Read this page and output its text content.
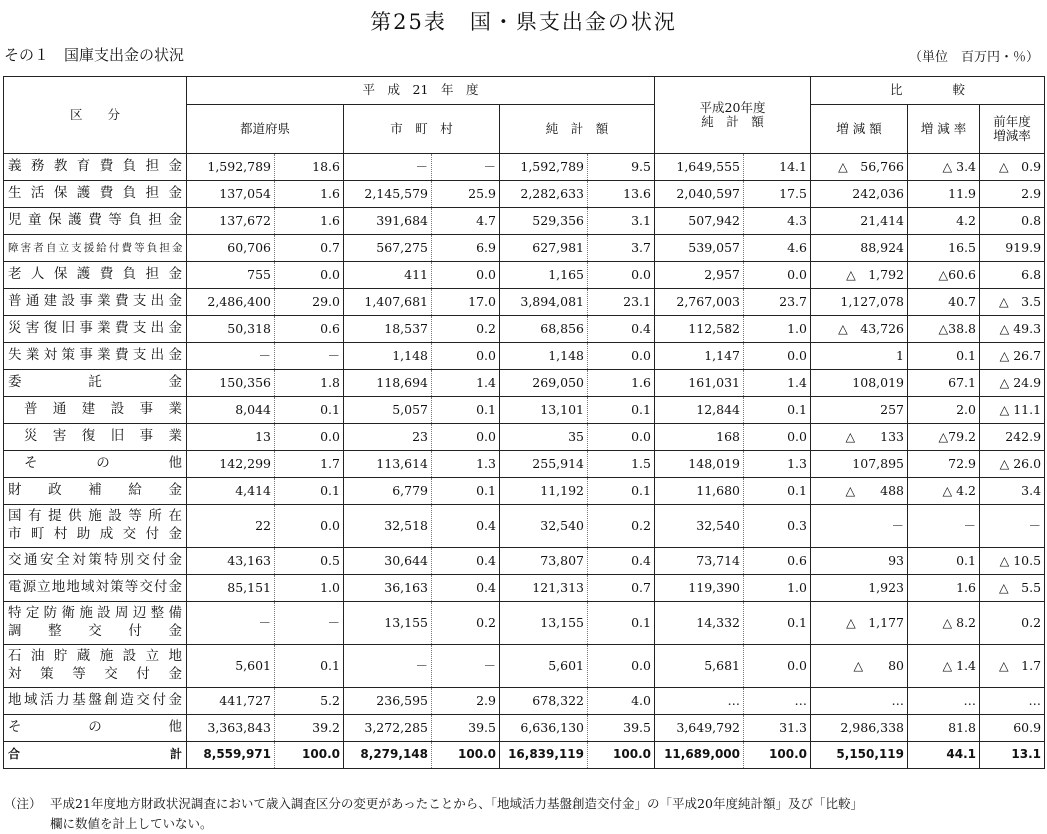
第25表　国・県支出金の状況
その１　国庫支出金の状況	（単位　百万円・％）
区　　分	平　成　21　年　度						平成20年度
純　計　額		比　　　　較		
	都道府県		市　町　村		純　計　額				増 減 額	増 減 率	前年度
増減率

義務教育費負担金	1,592,789	18.6	－	－	1,592,789	9.5	1,649,555	14.1	△　56,766	△ 3.4	△　0.9
生活保護費負担金	137,054	1.6	2,145,579	25.9	2,282,633	13.6	2,040,597	17.5	242,036	11.9	2.9
児童保護費等負担金	137,672	1.6	391,684	4.7	529,356	3.1	507,942	4.3	21,414	4.2	0.8
障害者自立支援給付費等負担金	60,706	0.7	567,275	6.9	627,981	3.7	539,057	4.6	88,924	16.5	919.9
老人保護費負担金	755	0.0	411	0.0	1,165	0.0	2,957	0.0	△　1,792	△60.6	6.8
普通建設事業費支出金	2,486,400	29.0	1,407,681	17.0	3,894,081	23.1	2,767,003	23.7	1,127,078	40.7	△　3.5
災害復旧事業費支出金	50,318	0.6	18,537	0.2	68,856	0.4	112,582	1.0	△　43,726	△38.8	△ 49.3
失業対策事業費支出金	－	－	1,148	0.0	1,148	0.0	1,147	0.0	1	0.1	△ 26.7
委託金	150,356	1.8	118,694	1.4	269,050	1.6	161,031	1.4	108,019	67.1	△ 24.9
普通建設事業	8,044	0.1	5,057	0.1	13,101	0.1	12,844	0.1	257	2.0	△ 11.1
災害復旧事業	13	0.0	23	0.0	35	0.0	168	0.0	△　　133	△79.2	242.9
その他	142,299	1.7	113,614	1.3	255,914	1.5	148,019	1.3	107,895	72.9	△ 26.0
財政補給金	4,414	0.1	6,779	0.1	11,192	0.1	11,680	0.1	△　　488	△ 4.2	3.4

国有提供施設等所在
市町村助成交付金	22	0.0	32,518	0.4	32,540	0.2	32,540	0.3	－	－	－
交通安全対策特別交付金	43,163	0.5	30,644	0.4	73,807	0.4	73,714	0.6	93	0.1	△ 10.5
電源立地地域対策等交付金	85,151	1.0	36,163	0.4	121,313	0.7	119,390	1.0	1,923	1.6	△　5.5

特定防衛施設周辺整備
調整交付金	－	－	13,155	0.2	13,155	0.1	14,332	0.1	△　1,177	△ 8.2	0.2

石油貯蔵施設立地
対策等交付金	5,601	0.1	－	－	5,601	0.0	5,681	0.0	△　　80	△ 1.4	△　1.7
地域活力基盤創造交付金	441,727	5.2	236,595	2.9	678,322	4.0	…	…	…	…	…
その他	3,363,843	39.2	3,272,285	39.5	6,636,130	39.5	3,649,792	31.3	2,986,338	81.8	60.9
合計	8,559,971	100.0	8,279,148	100.0	16,839,119	100.0	11,689,000	100.0	5,150,119	44.1	13.1
（注） 平成21年度地方財政状況調査において歳入調査区分の変更があったことから、「地域活力基盤創造交付金」の「平成20年度純計額」及び「比較」
欄に数値を計上していない。
